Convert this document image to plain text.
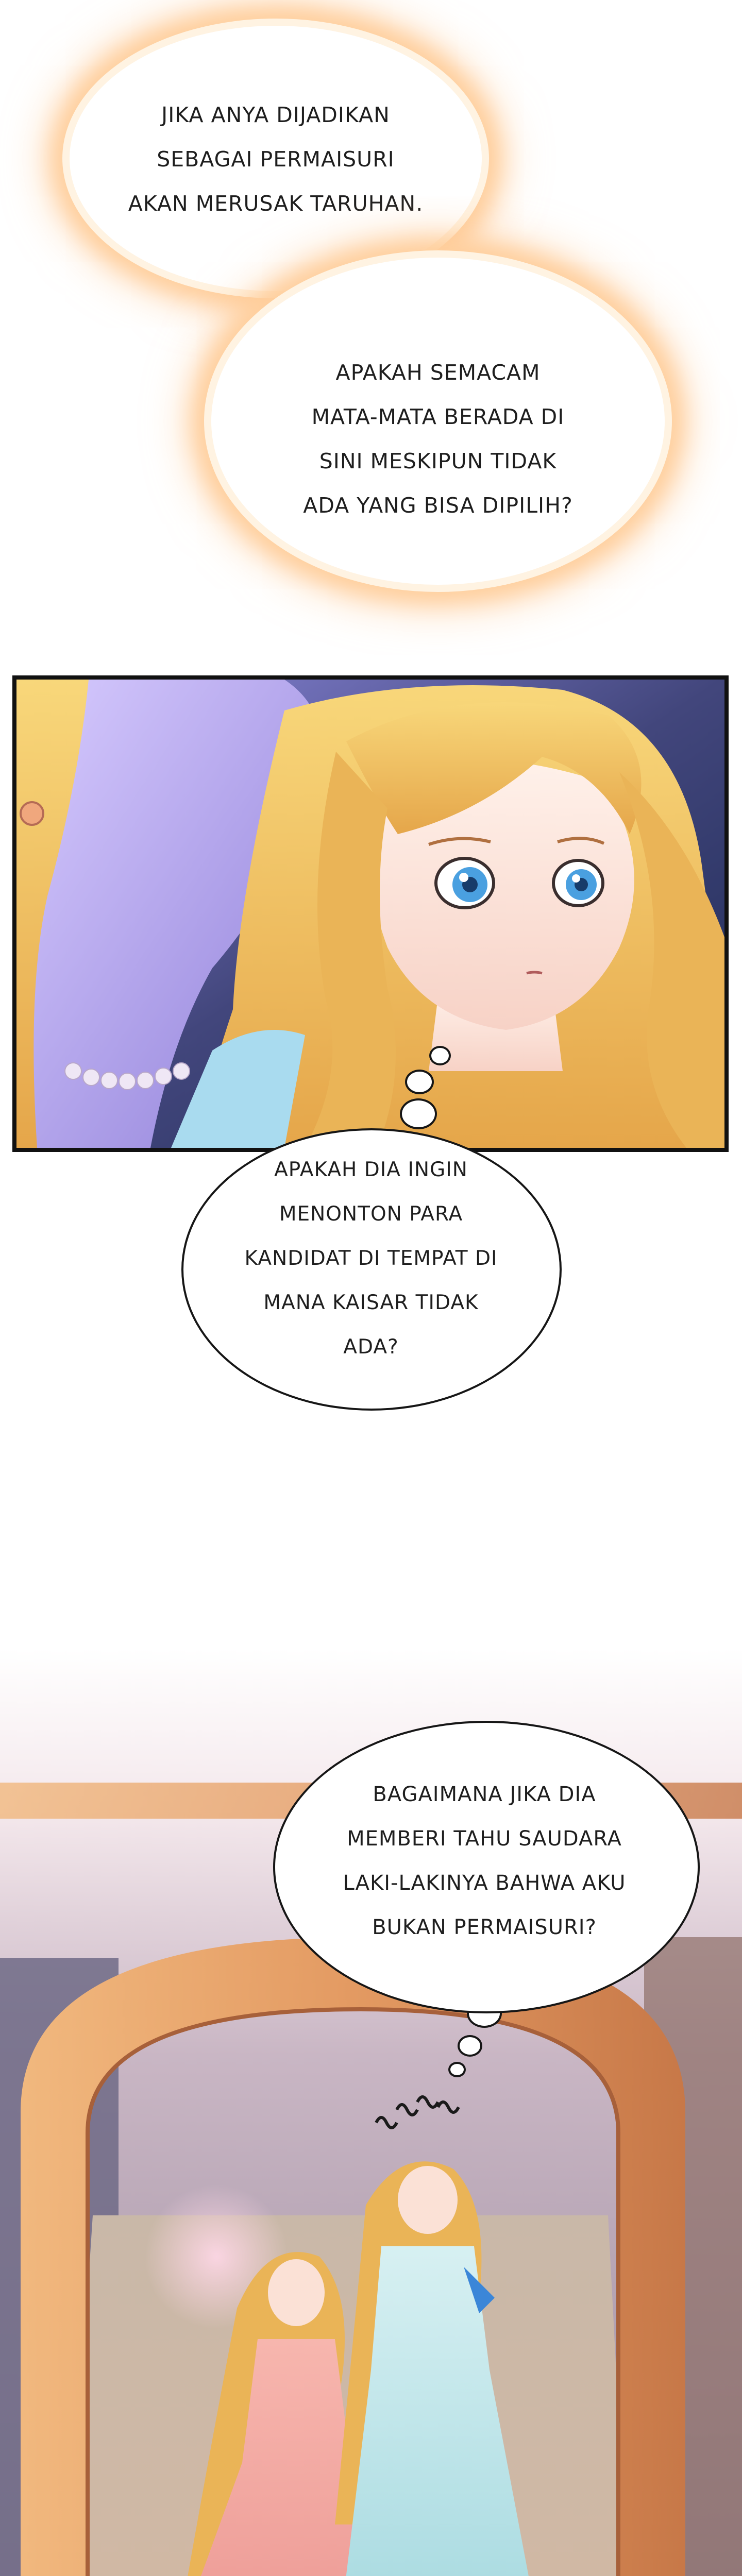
JIKA ANYA DIJADIKAN
SEBAGAI PERMAISURI
AKAN MERUSAK TARUHAN.
APAKAH SEMACAM
MATA-MATA BERADA DI
SINI MESKIPUN TIDAK
ADA YANG BISA DIPILIH?
APAKAH DIA INGIN
MENONTON PARA
KANDIDAT DI TEMPAT DI
MANA KAISAR TIDAK
ADA?
BAGAIMANA JIKA DIA
MEMBERI TAHU SAUDARA
LAKI-LAKINYA BAHWA AKU
BUKAN PERMAISURI?
